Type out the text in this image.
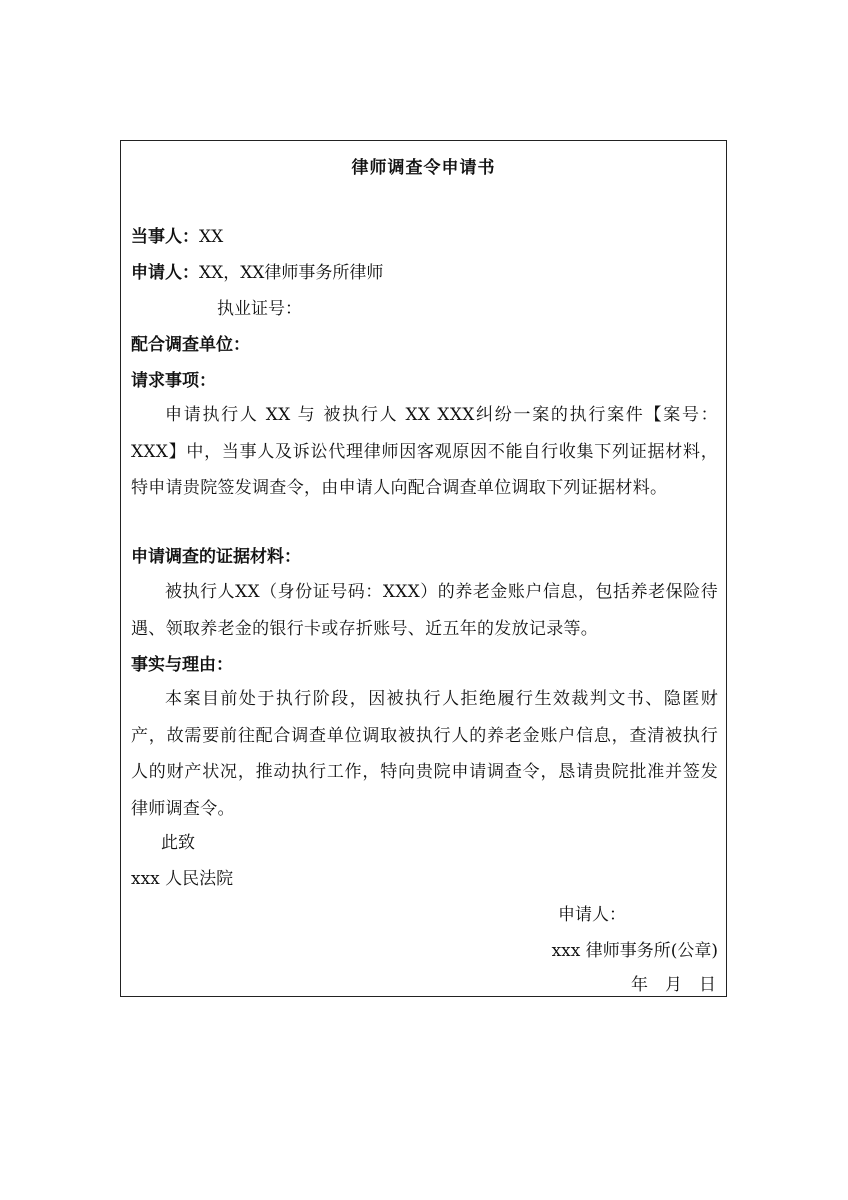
律师调查令申请书
当事人：XX
申请人：XX，XX律师事务所律师
执业证号：
配合调查单位：
请求事项：
申请执行人 XX 与 被执行人 XX XXX纠纷一案的执行案件【案号：XXX】中，当事人及诉讼代理律师因客观原因不能自行收集下列证据材料，特申请贵院签发调查令，由申请人向配合调查单位调取下列证据材料。
申请调查的证据材料：
被执行人XX（身份证号码：XXX）的养老金账户信息，包括养老保险待遇、领取养老金的银行卡或存折账号、近五年的发放记录等。
事实与理由：
本案目前处于执行阶段，因被执行人拒绝履行生效裁判文书、隐匿财产，故需要前往配合调查单位调取被执行人的养老金账户信息，查清被执行人的财产状况，推动执行工作，特向贵院申请调查令，恳请贵院批准并签发律师调查令。
此致
xxx 人民法院
申请人：
xxx 律师事务所(公章)
年　月　日
